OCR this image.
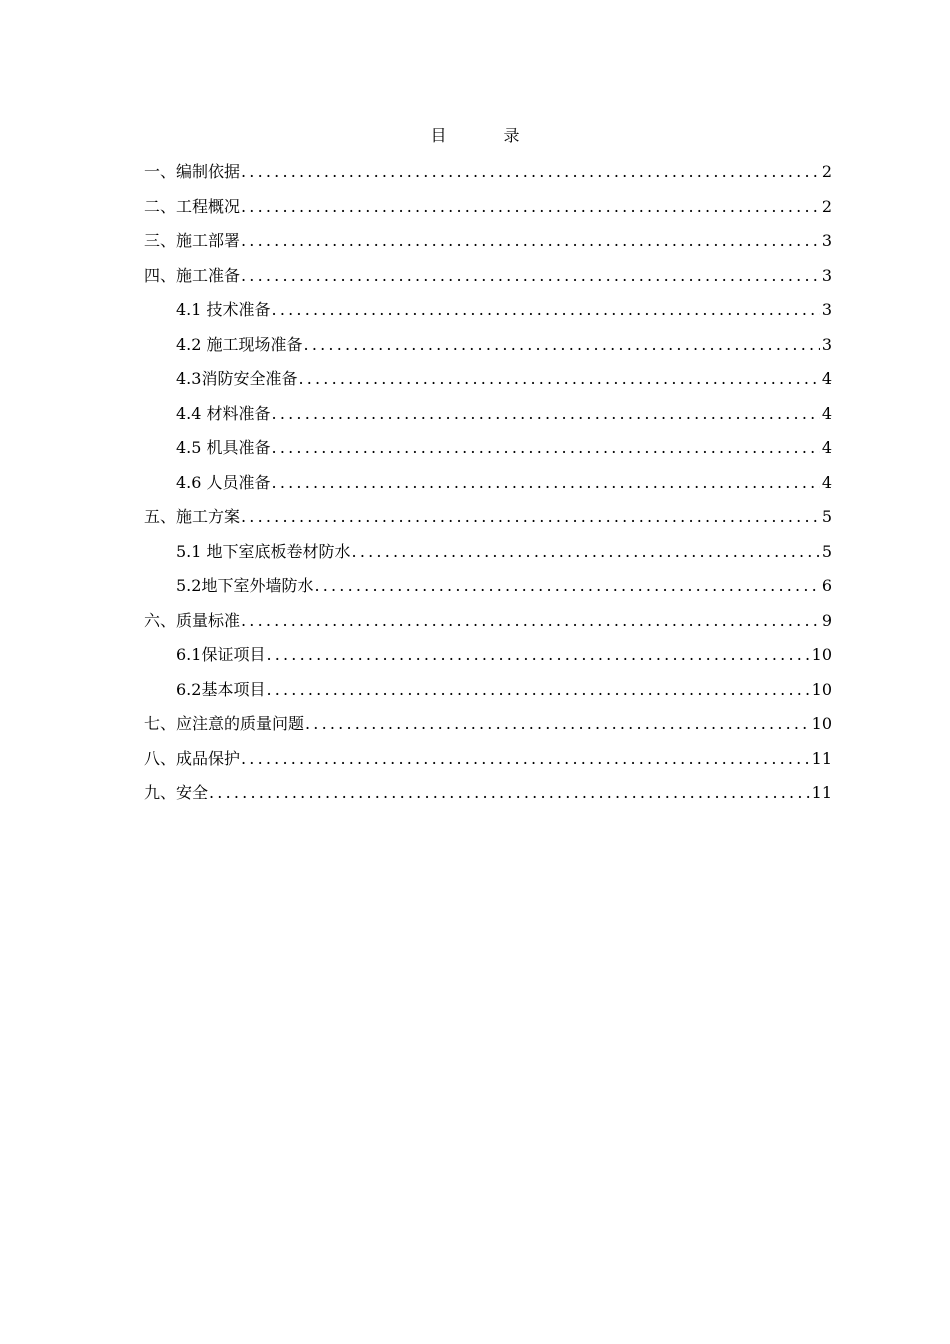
目	录
一、编制依据 .....	2
二、工程概况 .....	2
三、施工部署 .....	3
四、施工准备 .....	3
4.1 技术准备 .....	3
4.2 施工现场准备 .....	3
4.3消防安全准备 .....	4
4.4 材料准备 .....	4
4.5 机具准备 .....	4
4.6 人员准备 .....	4
五、施工方案 .....	5
5.1 地下室底板卷材防水 .....	5
5.2地下室外墙防水 .....	6
六、质量标准 .....	9
6.1保证项目 .....	10
6.2基本项目 .....	10
七、应注意的质量问题 .....	10
八、成品保护 .....	11
九、安全 .....	11
